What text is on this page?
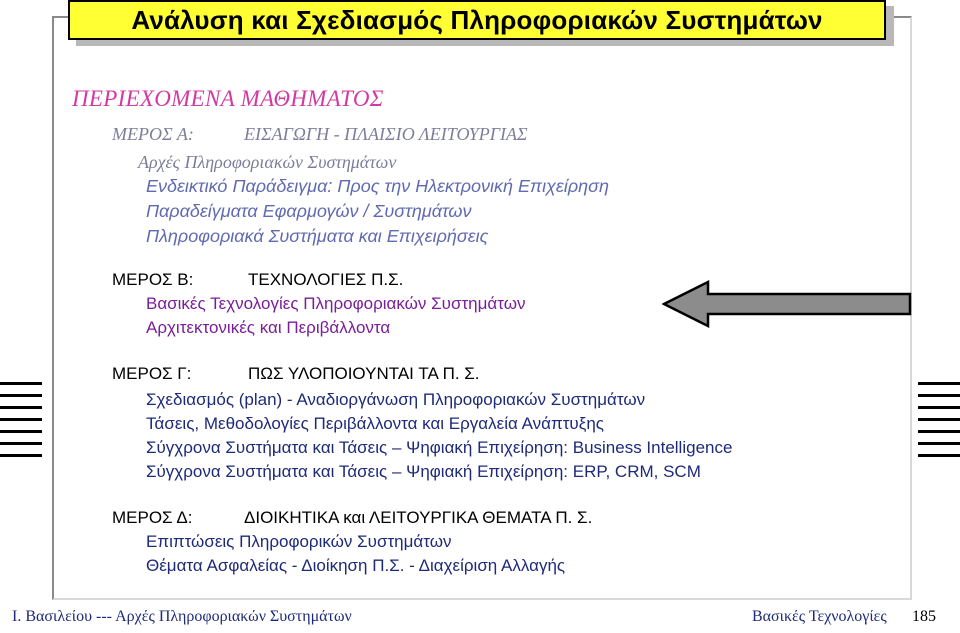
Ανάλυση και Σχεδιασμός Πληροφοριακών Συστημάτων
ΠΕΡΙΕΧΟΜΕΝΑ ΜΑΘΗΜΑΤΟΣ
ΜΕΡΟΣ Α:	ΕΙΣΑΓΩΓΗ - ΠΛΑΙΣΙΟ ΛΕΙΤΟΥΡΓΙΑΣ
Αρχές Πληροφοριακών Συστημάτων
Ενδεικτικό Παράδειγμα: Προς την Ηλεκτρονική Επιχείρηση
Παραδείγματα Εφαρμογών / Συστημάτων
Πληροφοριακά Συστήματα και Επιχειρήσεις
ΜΕΡΟΣ Β:	ΤΕΧΝΟΛΟΓΙΕΣ Π.Σ.
Βασικές Τεχνολογίες Πληροφοριακών Συστημάτων
Αρχιτεκτονικές και Περιβάλλοντα
ΜΕΡΟΣ Γ:	ΠΩΣ ΥΛΟΠΟΙΟΥΝΤΑΙ ΤΑ Π. Σ.
Σχεδιασμός (plan) - Αναδιοργάνωση Πληροφοριακών Συστημάτων
Τάσεις, Μεθοδολογίες Περιβάλλοντα και Εργαλεία Ανάπτυξης
Σύγχρονα Συστήματα και Τάσεις – Ψηφιακή Επιχείρηση: Business Intelligence
Σύγχρονα Συστήματα και Τάσεις – Ψηφιακή Επιχείρηση: ERP, CRM, SCM
ΜΕΡΟΣ Δ:	ΔΙΟΙΚΗΤΙΚΑ και ΛΕΙΤΟΥΡΓΙΚΑ ΘΕΜΑΤΑ Π. Σ.
Επιπτώσεις Πληροφορικών Συστημάτων
Θέματα Ασφαλείας - Διοίκηση Π.Σ. - Διαχείριση Αλλαγής
Ι. Βασιλείου --- Αρχές Πληροφοριακών Συστημάτων	Βασικές Τεχνολογίες 185
